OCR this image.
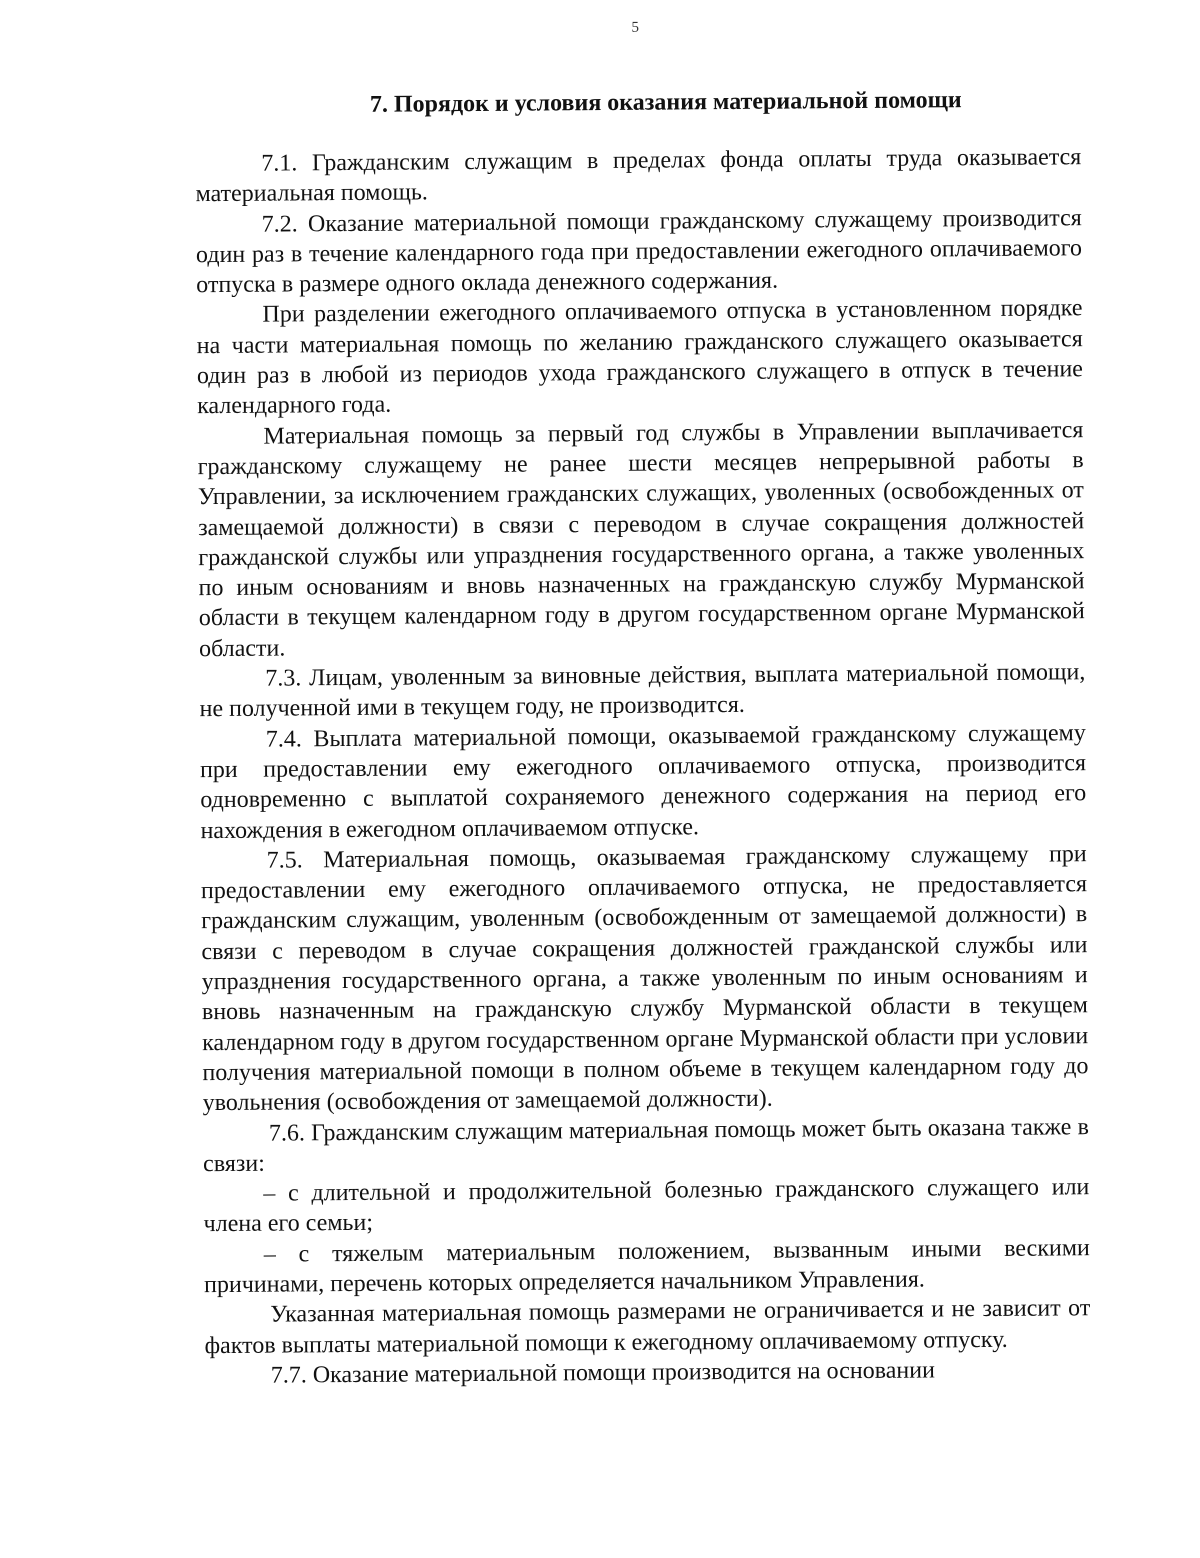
5
7. Порядок и условия оказания материальной помощи

7.1. Гражданским служащим в пределах фонда оплаты труда оказывается материальная помощь.

7.2. Оказание материальной помощи гражданскому служащему производится один раз в течение календарного года при предоставлении ежегодного оплачиваемого отпуска в размере одного оклада денежного содержания.

При разделении ежегодного оплачиваемого отпуска в установленном порядке на части материальная помощь по желанию гражданского служащего оказывается один раз в любой из периодов ухода гражданского служащего в отпуск в течение календарного года.

Материальная помощь за первый год службы в Управлении выплачивается гражданскому служащему не ранее шести месяцев непрерывной работы в Управлении, за исключением гражданских служащих, уволенных (освобожденных от замещаемой должности) в связи с переводом в случае сокращения должностей гражданской службы или упразднения государственного органа, а также уволенных по иным основаниям и вновь назначенных на гражданскую службу Мурманской области в текущем календарном году в другом государственном органе Мурманской области.

7.3. Лицам, уволенным за виновные действия, выплата материальной помощи, не полученной ими в текущем году, не производится.

7.4. Выплата материальной помощи, оказываемой гражданскому служащему при предоставлении ему ежегодного оплачиваемого отпуска, производится одновременно с выплатой сохраняемого денежного содержания на период его нахождения в ежегодном оплачиваемом отпуске.

7.5. Материальная помощь, оказываемая гражданскому служащему при предоставлении ему ежегодного оплачиваемого отпуска, не предоставляется гражданским служащим, уволенным (освобожденным от замещаемой должности) в связи с переводом в случае сокращения должностей гражданской службы или упразднения государственного органа, а также уволенным по иным основаниям и вновь назначенным на гражданскую службу Мурманской области в текущем календарном году в другом государственном органе Мурманской области при условии получения материальной помощи в полном объеме в текущем календарном году до увольнения (освобождения от замещаемой должности).

7.6. Гражданским служащим материальная помощь может быть оказана также в связи:

– с длительной и продолжительной болезнью гражданского служащего или члена его семьи;

– с тяжелым материальным положением, вызванным иными вескими причинами, перечень которых определяется начальником Управления.

Указанная материальная помощь размерами не ограничивается и не зависит от фактов выплаты материальной помощи к ежегодному оплачиваемому отпуску.

7.7. Оказание материальной помощи производится на основании
